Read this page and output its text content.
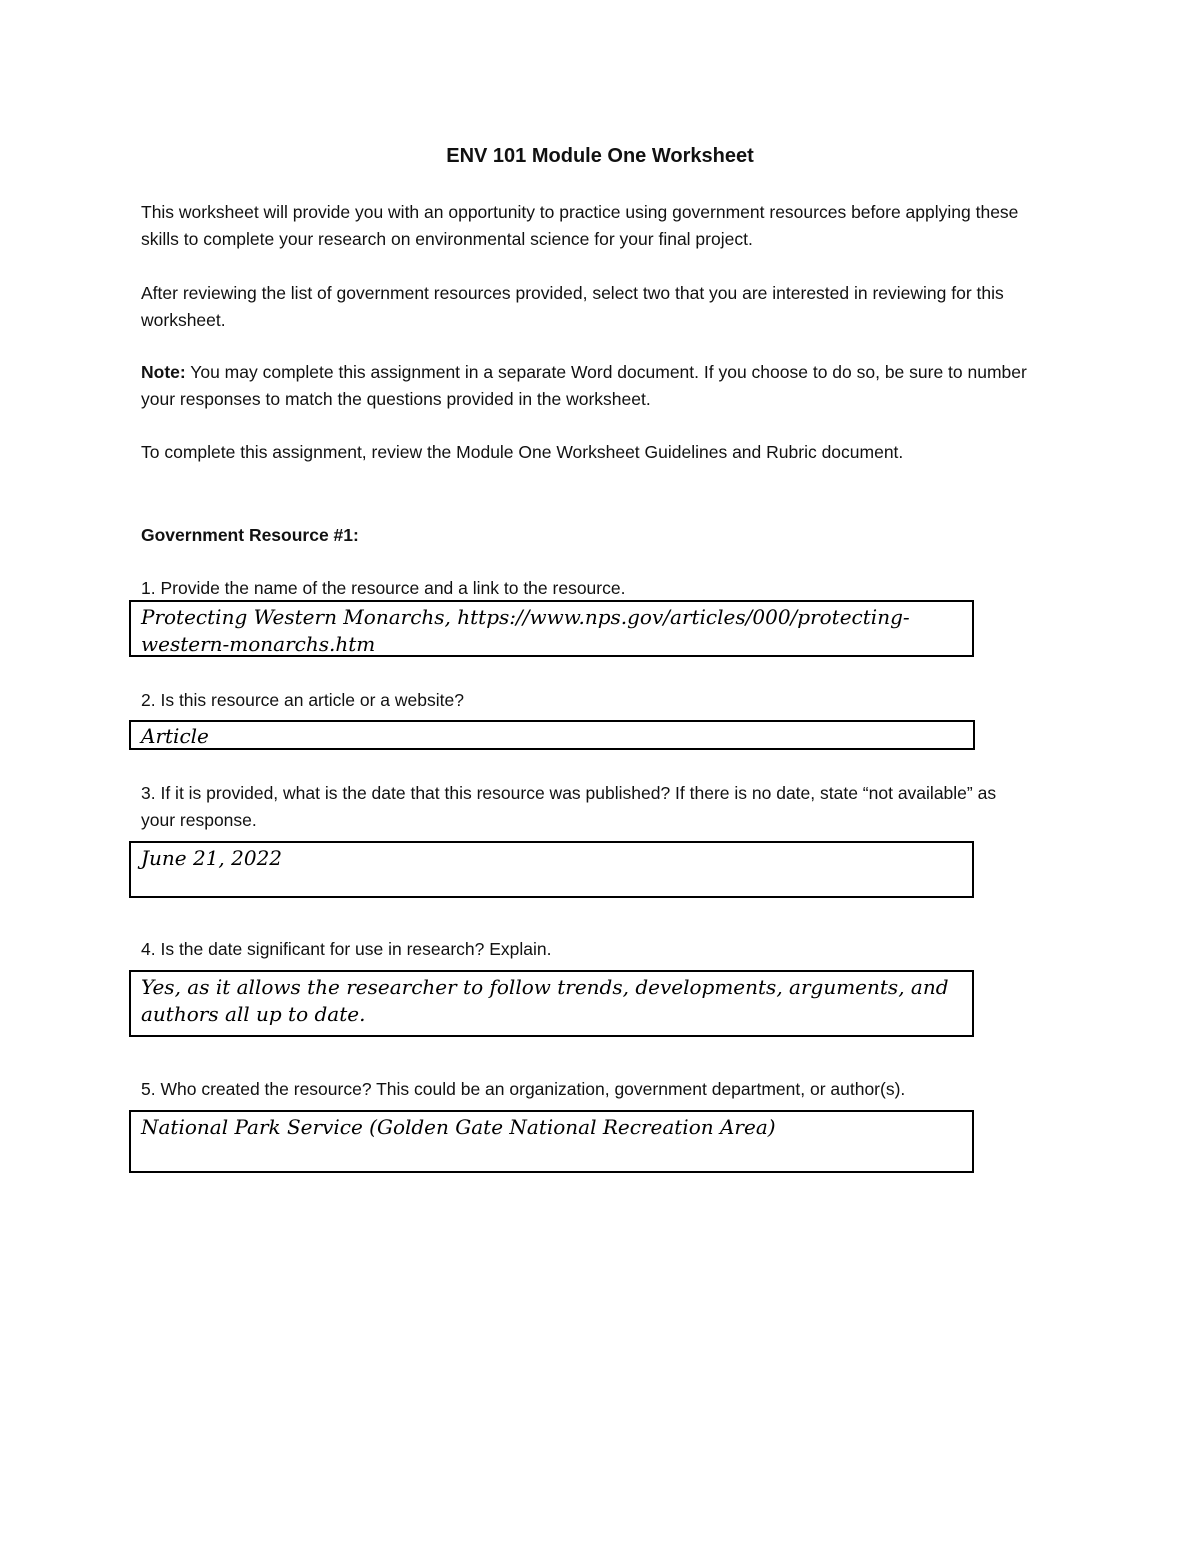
ENV 101 Module One Worksheet
This worksheet will provide you with an opportunity to practice using government resources before applying these skills to complete your research on environmental science for your final project.
After reviewing the list of government resources provided, select two that you are interested in reviewing for this worksheet.
Note: You may complete this assignment in a separate Word document. If you choose to do so, be sure to number your responses to match the questions provided in the worksheet.
To complete this assignment, review the Module One Worksheet Guidelines and Rubric document.
Government Resource #1:
1. Provide the name of the resource and a link to the resource.
Protecting Western Monarchs, https://www.nps.gov/articles/000/protecting-western-monarchs.htm
2. Is this resource an article or a website?
Article
3. If it is provided, what is the date that this resource was published? If there is no date, state “not available” as your response.
June 21, 2022
4. Is the date significant for use in research? Explain.
Yes, as it allows the researcher to follow trends, developments, arguments, and authors all up to date.
5. Who created the resource? This could be an organization, government department, or author(s).
National Park Service (Golden Gate National Recreation Area)
